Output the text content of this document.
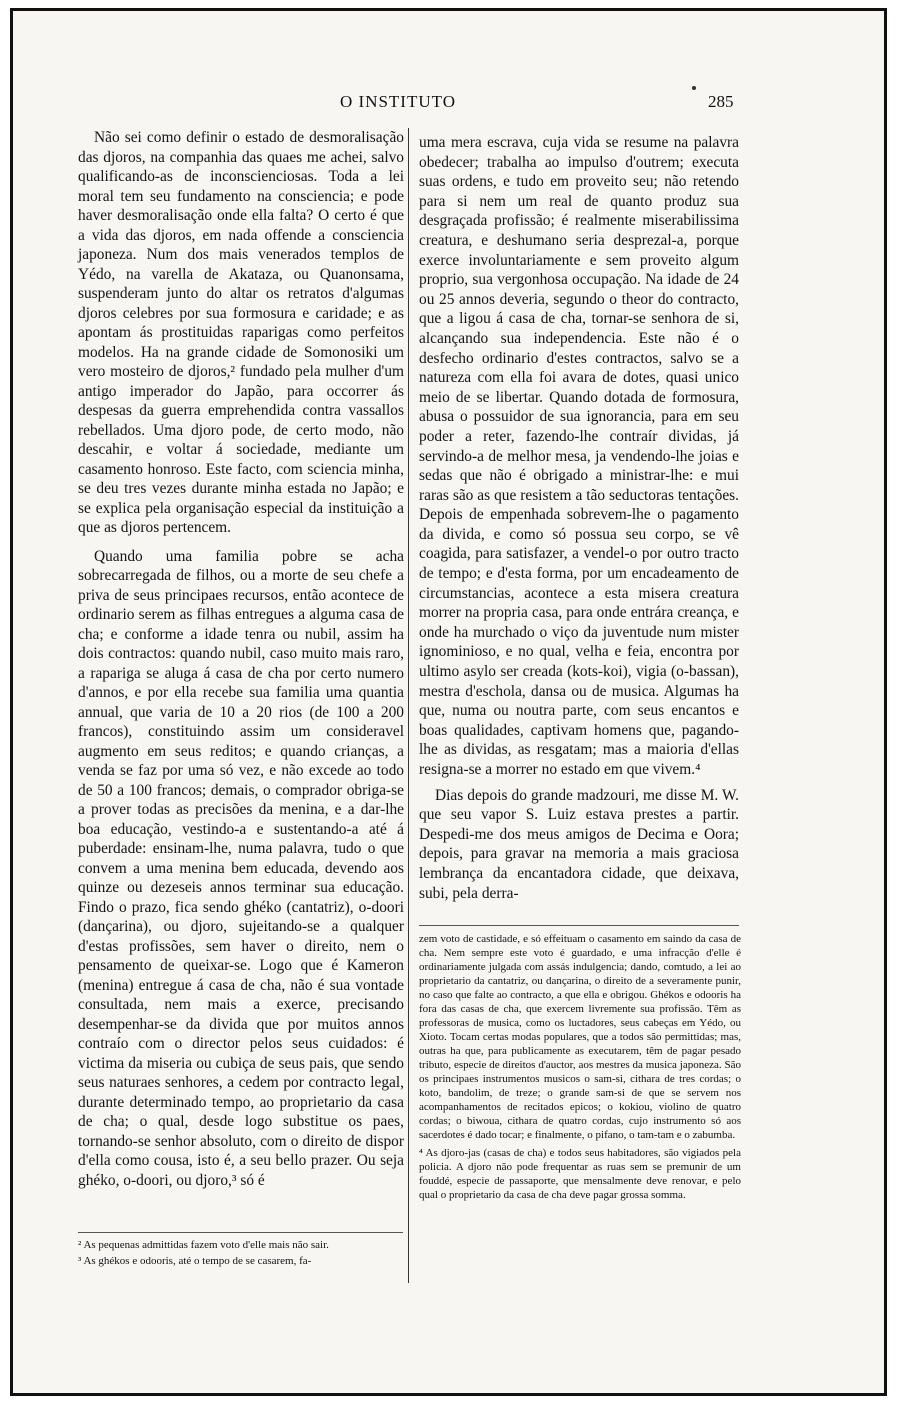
O INSTITUTO	285

Não sei como definir o estado de desmoralisação das djoros, na companhia das quaes me achei, salvo qualificando-as de inconscienciosas. Toda a lei moral tem seu fundamento na consciencia; e pode haver desmoralisação onde ella falta? O certo é que a vida das djoros, em nada offende a consciencia japoneza. Num dos mais venerados templos de Yédo, na varella de Akataza, ou Quanonsama, suspenderam junto do altar os retratos d'algumas djoros celebres por sua formosura e caridade; e as apontam ás prostituidas raparigas como perfeitos modelos. Ha na grande cidade de Somonosiki um vero mosteiro de djoros,² fundado pela mulher d'um antigo imperador do Japão, para occorrer ás despesas da guerra emprehendida contra vassallos rebellados. Uma djoro pode, de certo modo, não descahir, e voltar á sociedade, mediante um casamento honroso. Este facto, com sciencia minha, se deu tres vezes durante minha estada no Japão; e se explica pela organisação especial da instituição a que as djoros pertencem.

Quando uma familia pobre se acha sobrecarregada de filhos, ou a morte de seu chefe a priva de seus principaes recursos, então acontece de ordinario serem as filhas entregues a alguma casa de cha; e conforme a idade tenra ou nubil, assim ha dois contractos: quando nubil, caso muito mais raro, a rapariga se aluga á casa de cha por certo numero d'annos, e por ella recebe sua familia uma quantia annual, que varia de 10 a 20 rios (de 100 a 200 francos), constituindo assim um consideravel augmento em seus reditos; e quando crianças, a venda se faz por uma só vez, e não excede ao todo de 50 a 100 francos; demais, o comprador obriga-se a prover todas as precisões da menina, e a dar-lhe boa educação, vestindo-a e sustentando-a até á puberdade: ensinam-lhe, numa palavra, tudo o que convem a uma menina bem educada, devendo aos quinze ou dezeseis annos terminar sua educação. Findo o prazo, fica sendo ghéko (cantatriz), o-doori (dançarina), ou djoro, sujeitando-se a qualquer d'estas profissões, sem haver o direito, nem o pensamento de queixar-se. Logo que é Kameron (menina) entregue á casa de cha, não é sua vontade consultada, nem mais a exerce, precisando desempenhar-se da divida que por muitos annos contraío com o director pelos seus cuidados: é victima da miseria ou cubiça de seus pais, que sendo seus naturaes senhores, a cedem por contracto legal, durante determinado tempo, ao proprietario da casa de cha; o qual, desde logo substitue os paes, tornando-se senhor absoluto, com o direito de dispor d'ella como cousa, isto é, a seu bello prazer. Ou seja ghéko, o-doori, ou djoro,³ só é

uma mera escrava, cuja vida se resume na palavra obedecer; trabalha ao impulso d'outrem; executa suas ordens, e tudo em proveito seu; não retendo para si nem um real de quanto produz sua desgraçada profissão; é realmente miserabilissima creatura, e deshumano seria desprezal-a, porque exerce involuntariamente e sem proveito algum proprio, sua vergonhosa occupação. Na idade de 24 ou 25 annos deveria, segundo o theor do contracto, que a ligou á casa de cha, tornar-se senhora de si, alcançando sua independencia. Este não é o desfecho ordinario d'estes contractos, salvo se a natureza com ella foi avara de dotes, quasi unico meio de se libertar. Quando dotada de formosura, abusa o possuidor de sua ignorancia, para em seu poder a reter, fazendo-lhe contraír dividas, já servindo-a de melhor mesa, ja vendendo-lhe joias e sedas que não é obrigado a ministrar-lhe: e mui raras são as que resistem a tão seductoras tentações. Depois de empenhada sobrevem-lhe o pagamento da divida, e como só possua seu corpo, se vê coagida, para satisfazer, a vendel-o por outro tracto de tempo; e d'esta forma, por um encadeamento de circumstancias, acontece a esta misera creatura morrer na propria casa, para onde entrára creança, e onde ha murchado o viço da juventude num mister ignominioso, e no qual, velha e feia, encontra por ultimo asylo ser creada (kots-koi), vigia (o-bassan), mestra d'eschola, dansa ou de musica. Algumas ha que, numa ou noutra parte, com seus encantos e boas qualidades, captivam homens que, pagando-lhe as dividas, as resgatam; mas a maioria d'ellas resigna-se a morrer no estado em que vivem.⁴

Dias depois do grande madzouri, me disse M. W. que seu vapor S. Luiz estava prestes a partir. Despedi-me dos meus amigos de Decima e Oora; depois, para gravar na memoria a mais graciosa lembrança da encantadora cidade, que deixava, subi, pela derra-

² As pequenas admittidas fazem voto d'elle mais não sair.

³ As ghékos e odooris, até o tempo de se casarem, fa-

zem voto de castidade, e só effeituam o casamento em saindo da casa de cha. Nem sempre este voto é guardado, e uma infracção d'elle é ordinariamente julgada com assás indulgencia; dando, comtudo, a lei ao proprietario da cantatriz, ou dançarina, o direito de a severamente punir, no caso que falte ao contracto, a que ella e obrigou. Ghékos e odooris ha fora das casas de cha, que exercem livremente sua profissão. Têm as professoras de musica, como os luctadores, seus cabeças em Yédo, ou Xioto. Tocam certas modas populares, que a todos são permittidas; mas, outras ha que, para publicamente as executarem, têm de pagar pesado tributo, especie de direitos d'auctor, aos mestres da musica japoneza. São os principaes instrumentos musicos o sam-si, cithara de tres cordas; o koto, bandolim, de treze; o grande sam-si de que se servem nos acompanhamentos de recitados epicos; o kokiou, violino de quatro cordas; o biwoua, cithara de quatro cordas, cujo instrumento só aos sacerdotes é dado tocar; e finalmente, o pifano, o tam-tam e o zabumba.

⁴ As djoro-jas (casas de cha) e todos seus habitadores, são vigiados pela policia. A djoro não pode frequentar as ruas sem se premunir de um fouddé, especie de passaporte, que mensalmente deve renovar, e pelo qual o proprietario da casa de cha deve pagar grossa somma.
